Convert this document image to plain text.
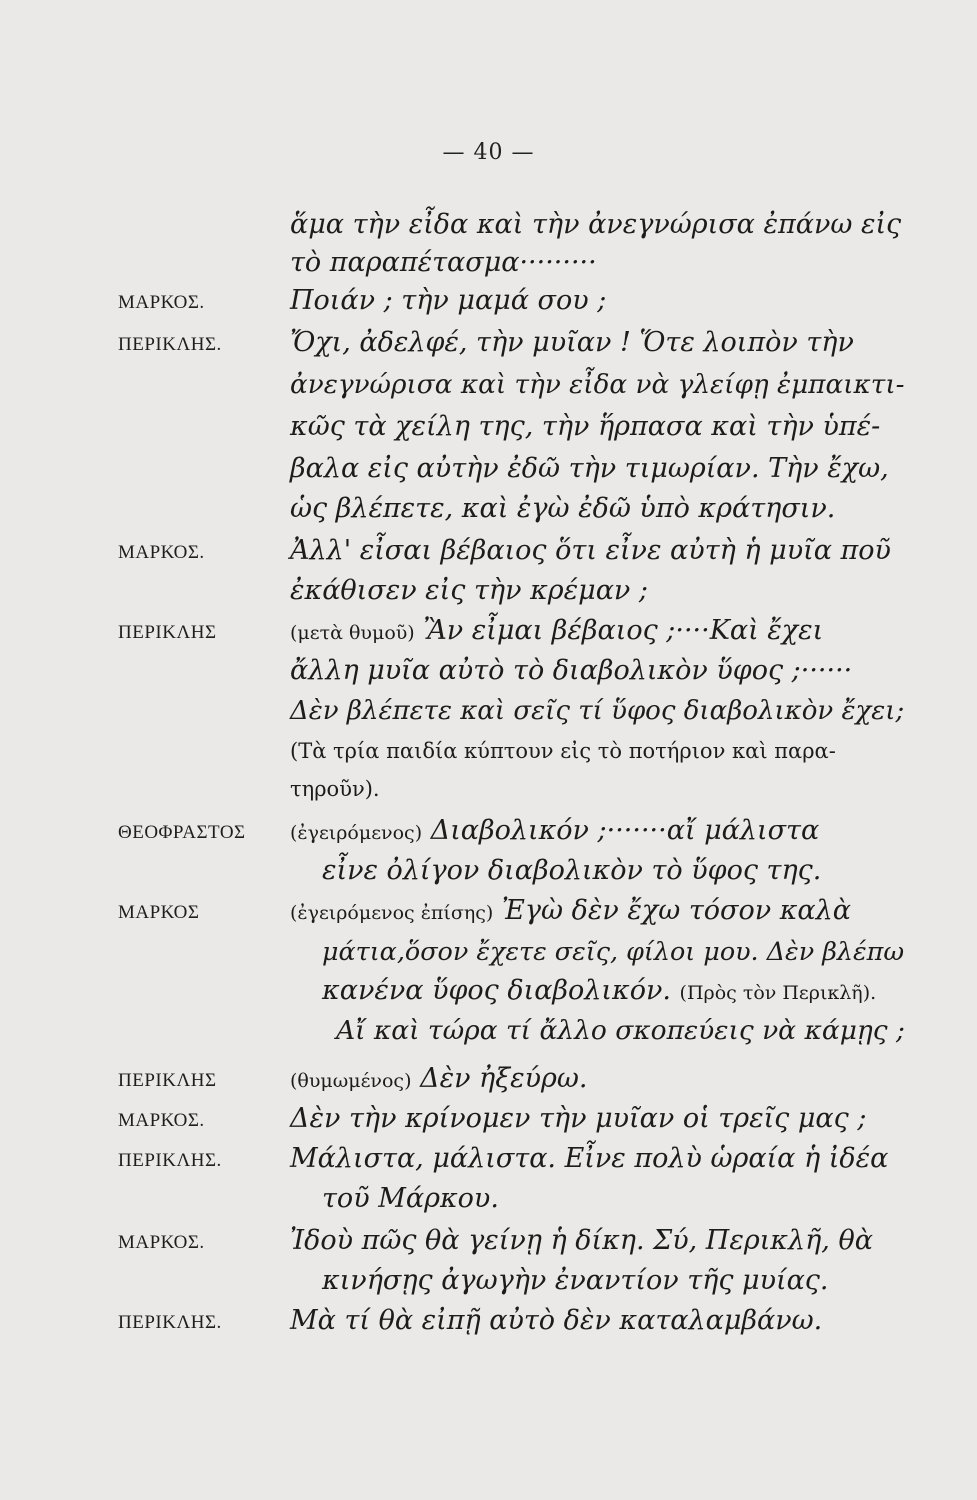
— 40 —
ἅμα τὴν εἶδα καὶ τὴν ἀνεγνώρισα ἐπάνω εἰς
τὸ παραπέτασμα·········
ΜΑΡΚΟΣ.	Ποιάν ; τὴν μαμά σου ;
ΠΕΡΙΚΛΗΣ.	Ὄχι, ἀδελφέ, τὴν μυῖαν ! Ὅτε λοιπὸν τὴν
ἀνεγνώρισα καὶ τὴν εἶδα νὰ γλείφῃ ἐμπαικτι-
κῶς τὰ χείλη της, τὴν ἥρπασα καὶ τὴν ὑπέ-
βαλα εἰς αὐτὴν ἐδῶ τὴν τιμωρίαν. Τὴν ἔχω,
ὡς βλέπετε, καὶ ἐγὼ ἐδῶ ὑπὸ κράτησιν.
ΜΑΡΚΟΣ.	Ἀλλ' εἶσαι βέβαιος ὅτι εἶνε αὐτὴ ἡ μυῖα ποῦ
ἐκάθισεν εἰς τὴν κρέμαν ;
ΠΕΡΙΚΛΗΣ	(μετὰ θυμοῦ) Ἂν εἶμαι βέβαιος ;····Καὶ ἔχει
ἄλλη μυῖα αὐτὸ τὸ διαβολικὸν ὕφος ;······
Δὲν βλέπετε καὶ σεῖς τί ὕφος διαβολικὸν ἔχει;
(Τὰ τρία παιδία κύπτουν εἰς τὸ ποτήριον καὶ παρα-
τηροῦν).
ΘΕΟΦΡΑΣΤΟΣ (ἐγειρόμενος) Διαβολικόν ;·······αἴ μάλιστα
εἶνε ὀλίγον διαβολικὸν τὸ ὕφος της.
ΜΑΡΚΟΣ	(ἐγειρόμενος ἐπίσης) Ἐγὼ δὲν ἔχω τόσον καλὰ
μάτια,ὅσον ἔχετε σεῖς, φίλοι μου. Δὲν βλέπω
κανένα ὕφος διαβολικόν. (Πρὸς τὸν Περικλῆ).
Αἴ καὶ τώρα τί ἄλλο σκοπεύεις νὰ κάμῃς ;
ΠΕΡΙΚΛΗΣ	(θυμωμένος) Δὲν ἠξεύρω.
ΜΑΡΚΟΣ.	Δὲν τὴν κρίνομεν τὴν μυῖαν οἱ τρεῖς μας ;
ΠΕΡΙΚΛΗΣ.	Μάλιστα, μάλιστα. Εἶνε πολὺ ὡραία ἡ ἰδέα
τοῦ Μάρκου.
ΜΑΡΚΟΣ.	Ἰδοὺ πῶς θὰ γείνῃ ἡ δίκη. Σύ, Περικλῆ, θὰ
κινήσῃς ἀγωγὴν ἐναντίον τῆς μυίας.
ΠΕΡΙΚΛΗΣ.	Μὰ τί θὰ εἰπῇ αὐτὸ δὲν καταλαμβάνω.
